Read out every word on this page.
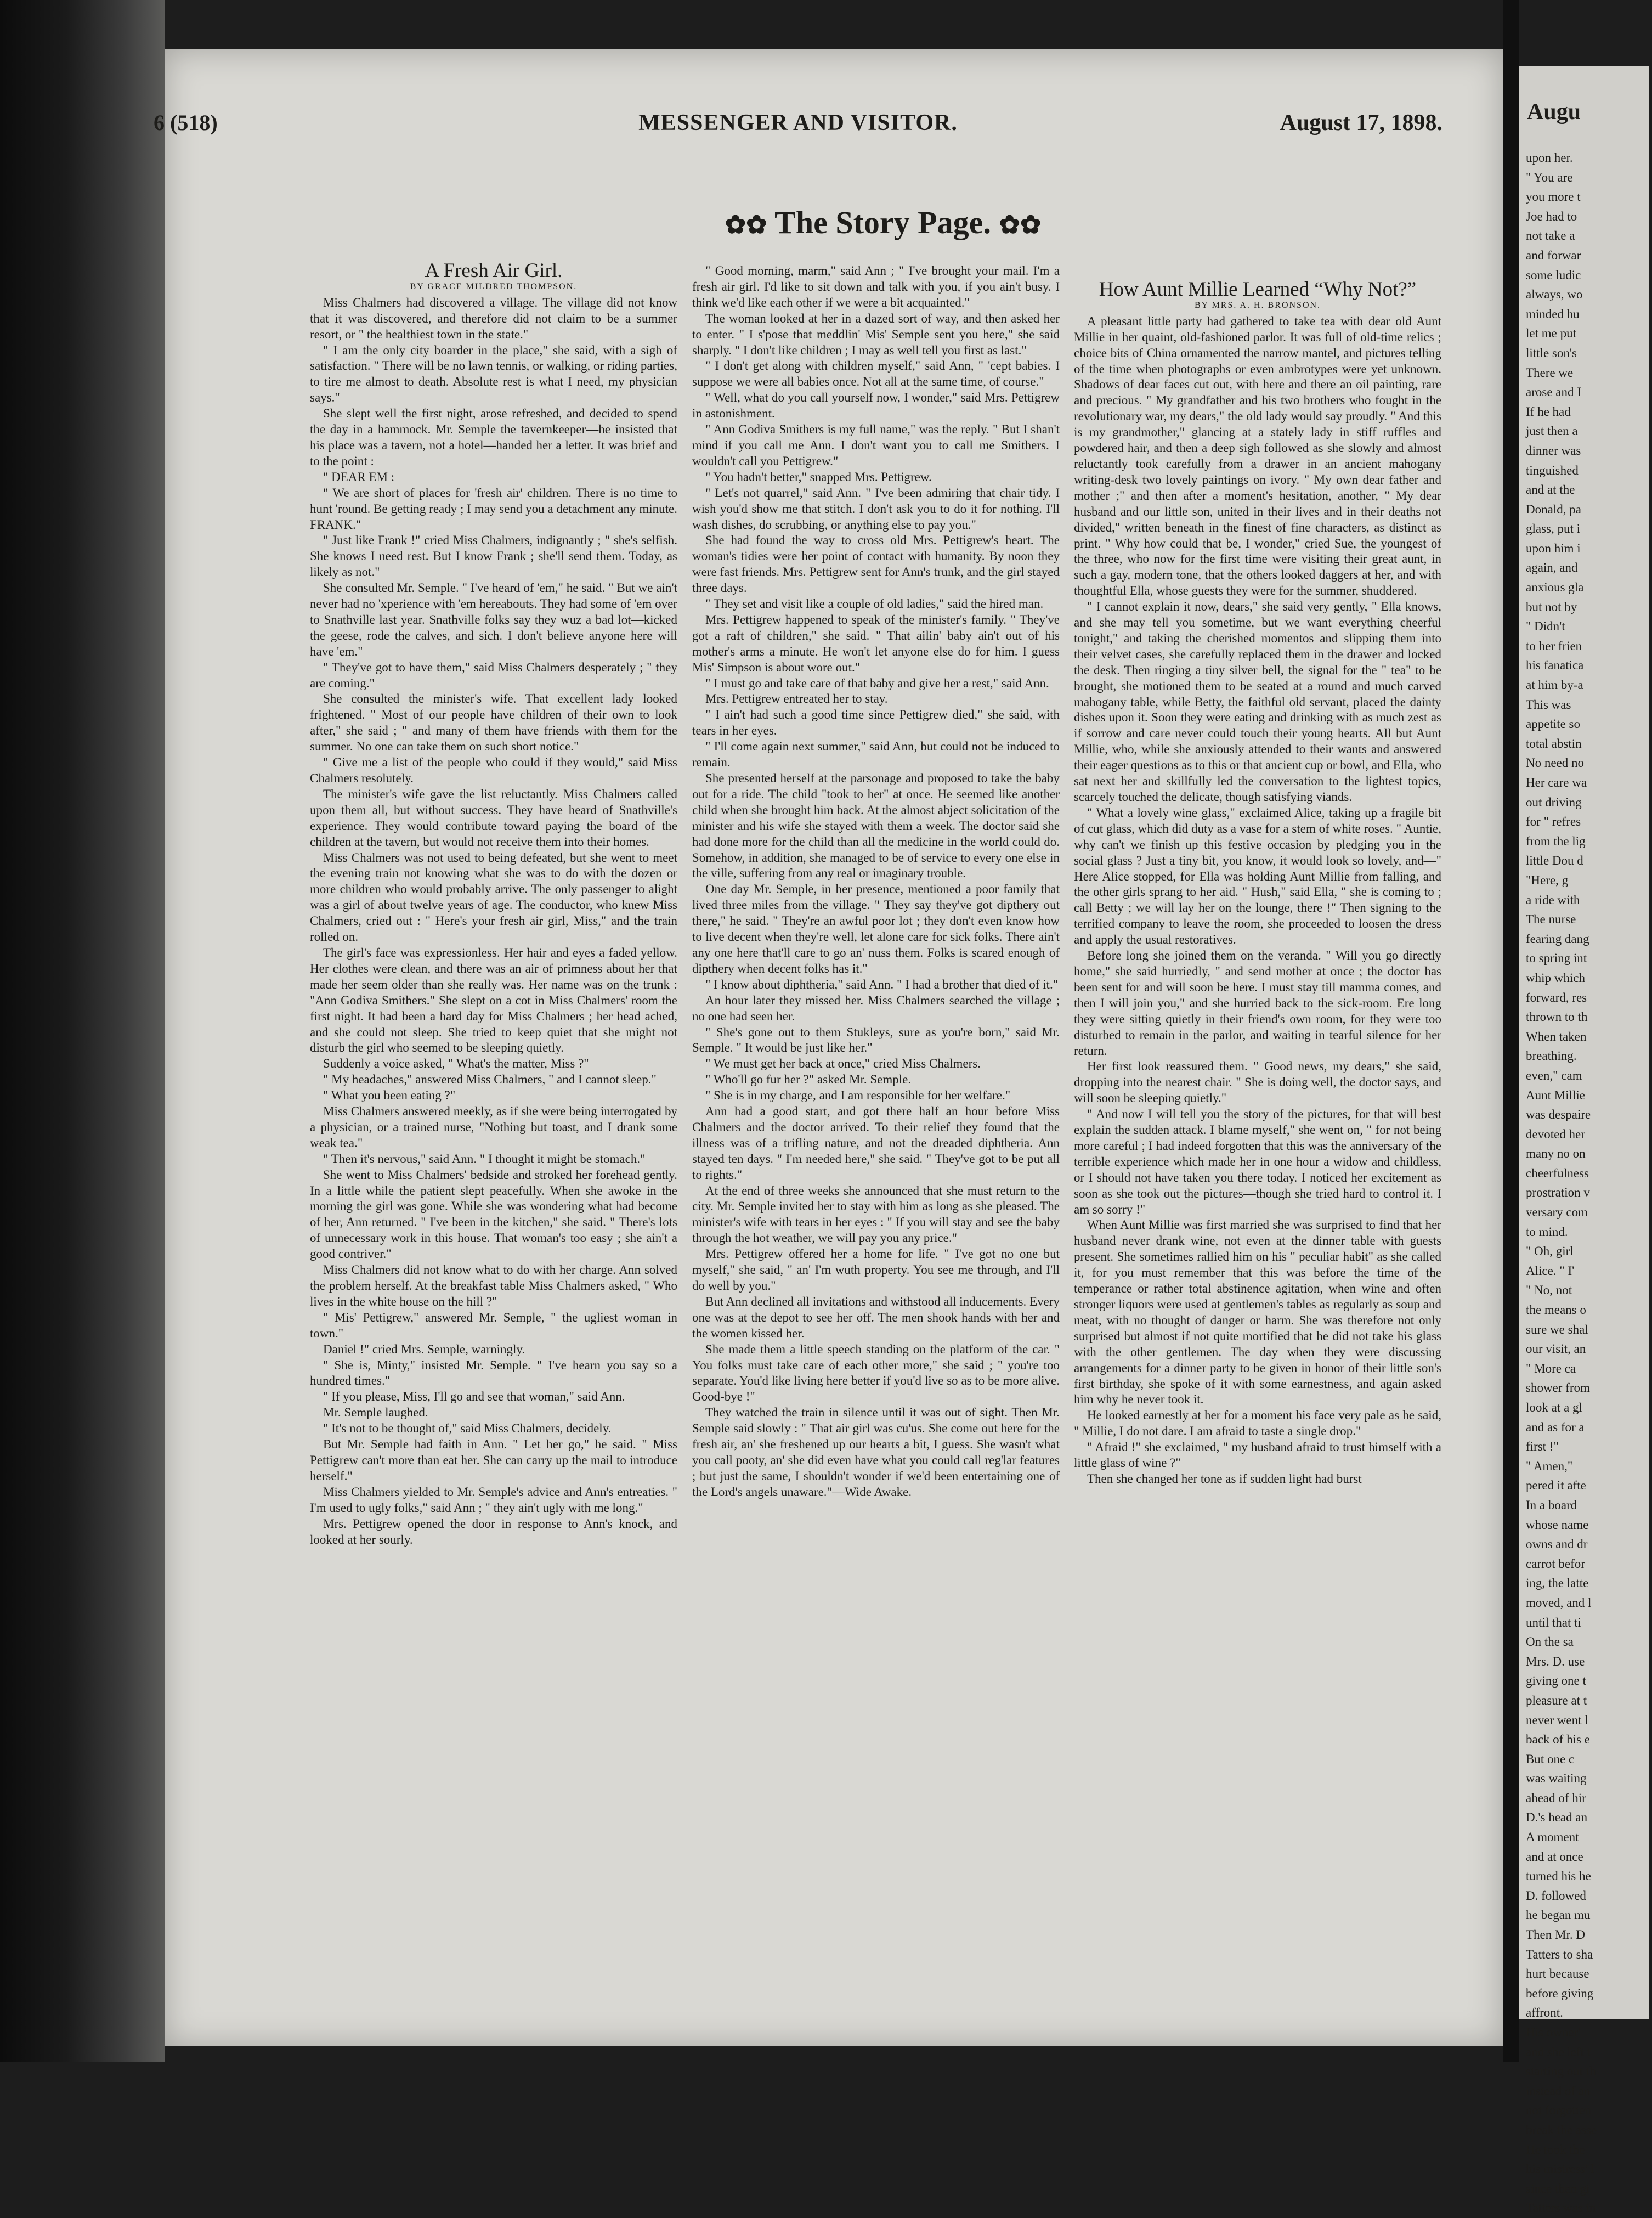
6 (518)	MESSENGER AND VISITOR.	August 17, 1898.
✿✿ The Story Page. ✿✿

A Fresh Air Girl.

BY GRACE MILDRED THOMPSON.

Miss Chalmers had discovered a village. The village did not know that it was discovered, and therefore did not claim to be a summer resort, or " the healthiest town in the state."

" I am the only city boarder in the place," she said, with a sigh of satisfaction. " There will be no lawn tennis, or walking, or riding parties, to tire me almost to death. Absolute rest is what I need, my physician says."

She slept well the first night, arose refreshed, and decided to spend the day in a hammock. Mr. Semple the tavernkeeper—he insisted that his place was a tavern, not a hotel—handed her a letter. It was brief and to the point :

" DEAR EM :

" We are short of places for 'fresh air' children. There is no time to hunt 'round. Be getting ready ; I may send you a detachment any minute. FRANK."

" Just like Frank !" cried Miss Chalmers, indignantly ; " she's selfish. She knows I need rest. But I know Frank ; she'll send them. Today, as likely as not."

She consulted Mr. Semple. " I've heard of 'em," he said. " But we ain't never had no 'xperience with 'em hereabouts. They had some of 'em over to Snathville last year. Snathville folks say they wuz a bad lot—kicked the geese, rode the calves, and sich. I don't believe anyone here will have 'em."

" They've got to have them," said Miss Chalmers desperately ; " they are coming."

She consulted the minister's wife. That excellent lady looked frightened. " Most of our people have children of their own to look after," she said ; " and many of them have friends with them for the summer. No one can take them on such short notice."

" Give me a list of the people who could if they would," said Miss Chalmers resolutely.

The minister's wife gave the list reluctantly. Miss Chalmers called upon them all, but without success. They have heard of Snathville's experience. They would contribute toward paying the board of the children at the tavern, but would not receive them into their homes.

Miss Chalmers was not used to being defeated, but she went to meet the evening train not knowing what she was to do with the dozen or more children who would probably arrive. The only passenger to alight was a girl of about twelve years of age. The conductor, who knew Miss Chalmers, cried out : " Here's your fresh air girl, Miss," and the train rolled on.

The girl's face was expressionless. Her hair and eyes a faded yellow. Her clothes were clean, and there was an air of primness about her that made her seem older than she really was. Her name was on the trunk : "Ann Godiva Smithers." She slept on a cot in Miss Chalmers' room the first night. It had been a hard day for Miss Chalmers ; her head ached, and she could not sleep. She tried to keep quiet that she might not disturb the girl who seemed to be sleeping quietly.

Suddenly a voice asked, " What's the matter, Miss ?"

" My headaches," answered Miss Chalmers, " and I cannot sleep."

" What you been eating ?"

Miss Chalmers answered meekly, as if she were being interrogated by a physician, or a trained nurse, "Nothing but toast, and I drank some weak tea."

" Then it's nervous," said Ann. " I thought it might be stomach."

She went to Miss Chalmers' bedside and stroked her forehead gently. In a little while the patient slept peacefully. When she awoke in the morning the girl was gone. While she was wondering what had become of her, Ann returned. " I've been in the kitchen," she said. " There's lots of unnecessary work in this house. That woman's too easy ; she ain't a good contriver."

Miss Chalmers did not know what to do with her charge. Ann solved the problem herself. At the breakfast table Miss Chalmers asked, " Who lives in the white house on the hill ?"

" Mis' Pettigrew," answered Mr. Semple, " the ugliest woman in town."

Daniel !" cried Mrs. Semple, warningly.

" She is, Minty," insisted Mr. Semple. " I've hearn you say so a hundred times."

" If you please, Miss, I'll go and see that woman," said Ann.

Mr. Semple laughed.

" It's not to be thought of," said Miss Chalmers, decidely.

But Mr. Semple had faith in Ann. " Let her go," he said. " Miss Pettigrew can't more than eat her. She can carry up the mail to introduce herself."

Miss Chalmers yielded to Mr. Semple's advice and Ann's entreaties. " I'm used to ugly folks," said Ann ; " they ain't ugly with me long."

Mrs. Pettigrew opened the door in response to Ann's knock, and looked at her sourly.

" Good morning, marm," said Ann ; " I've brought your mail. I'm a fresh air girl. I'd like to sit down and talk with you, if you ain't busy. I think we'd like each other if we were a bit acquainted."

The woman looked at her in a dazed sort of way, and then asked her to enter. " I s'pose that meddlin' Mis' Semple sent you here," she said sharply. " I don't like children ; I may as well tell you first as last."

" I don't get along with children myself," said Ann, " 'cept babies. I suppose we were all babies once. Not all at the same time, of course."

" Well, what do you call yourself now, I wonder," said Mrs. Pettigrew in astonishment.

" Ann Godiva Smithers is my full name," was the reply. " But I shan't mind if you call me Ann. I don't want you to call me Smithers. I wouldn't call you Pettigrew."

" You hadn't better," snapped Mrs. Pettigrew.

" Let's not quarrel," said Ann. " I've been admiring that chair tidy. I wish you'd show me that stitch. I don't ask you to do it for nothing. I'll wash dishes, do scrubbing, or anything else to pay you."

She had found the way to cross old Mrs. Pettigrew's heart. The woman's tidies were her point of contact with humanity. By noon they were fast friends. Mrs. Pettigrew sent for Ann's trunk, and the girl stayed three days.

" They set and visit like a couple of old ladies," said the hired man.

Mrs. Pettigrew happened to speak of the minister's family. " They've got a raft of children," she said. " That ailin' baby ain't out of his mother's arms a minute. He won't let anyone else do for him. I guess Mis' Simpson is about wore out."

" I must go and take care of that baby and give her a rest," said Ann.

Mrs. Pettigrew entreated her to stay.

" I ain't had such a good time since Pettigrew died," she said, with tears in her eyes.

" I'll come again next summer," said Ann, but could not be induced to remain.

She presented herself at the parsonage and proposed to take the baby out for a ride. The child "took to her" at once. He seemed like another child when she brought him back. At the almost abject solicitation of the minister and his wife she stayed with them a week. The doctor said she had done more for the child than all the medicine in the world could do. Somehow, in addition, she managed to be of service to every one else in the ville, suffering from any real or imaginary trouble.

One day Mr. Semple, in her presence, mentioned a poor family that lived three miles from the village. " They say they've got dipthery out there," he said. " They're an awful poor lot ; they don't even know how to live decent when they're well, let alone care for sick folks. There ain't any one here that'll care to go an' nuss them. Folks is scared enough of dipthery when decent folks has it."

" I know about diphtheria," said Ann. " I had a brother that died of it."

An hour later they missed her. Miss Chalmers searched the village ; no one had seen her.

" She's gone out to them Stukleys, sure as you're born," said Mr. Semple. " It would be just like her."

" We must get her back at once," cried Miss Chalmers.

" Who'll go fur her ?" asked Mr. Semple.

" She is in my charge, and I am responsible for her welfare."

Ann had a good start, and got there half an hour before Miss Chalmers and the doctor arrived. To their relief they found that the illness was of a trifling nature, and not the dreaded diphtheria. Ann stayed ten days. " I'm needed here," she said. " They've got to be put all to rights."

At the end of three weeks she announced that she must return to the city. Mr. Semple invited her to stay with him as long as she pleased. The minister's wife with tears in her eyes : " If you will stay and see the baby through the hot weather, we will pay you any price."

Mrs. Pettigrew offered her a home for life. " I've got no one but myself," she said, " an' I'm wuth property. You see me through, and I'll do well by you."

But Ann declined all invitations and withstood all inducements. Every one was at the depot to see her off. The men shook hands with her and the women kissed her.

She made them a little speech standing on the platform of the car. " You folks must take care of each other more," she said ; " you're too separate. You'd like living here better if you'd live so as to be more alive. Good-bye !"

They watched the train in silence until it was out of sight. Then Mr. Semple said slowly : " That air girl was cu'us. She come out here for the fresh air, an' she freshened up our hearts a bit, I guess. She wasn't what you call pooty, an' she did even have what you could call reg'lar features ; but just the same, I shouldn't wonder if we'd been entertaining one of the Lord's angels unaware."—Wide Awake.

How Aunt Millie Learned “Why Not?”

BY MRS. A. H. BRONSON.

A pleasant little party had gathered to take tea with dear old Aunt Millie in her quaint, old-fashioned parlor. It was full of old-time relics ; choice bits of China ornamented the narrow mantel, and pictures telling of the time when photographs or even ambrotypes were yet unknown. Shadows of dear faces cut out, with here and there an oil painting, rare and precious. " My grandfather and his two brothers who fought in the revolutionary war, my dears," the old lady would say proudly. " And this is my grandmother," glancing at a stately lady in stiff ruffles and powdered hair, and then a deep sigh followed as she slowly and almost reluctantly took carefully from a drawer in an ancient mahogany writing-desk two lovely paintings on ivory. " My own dear father and mother ;" and then after a moment's hesitation, another, " My dear husband and our little son, united in their lives and in their deaths not divided," written beneath in the finest of fine characters, as distinct as print. " Why how could that be, I wonder," cried Sue, the youngest of the three, who now for the first time were visiting their great aunt, in such a gay, modern tone, that the others looked daggers at her, and with thoughtful Ella, whose guests they were for the summer, shuddered.

" I cannot explain it now, dears," she said very gently, " Ella knows, and she may tell you sometime, but we want everything cheerful tonight," and taking the cherished momentos and slipping them into their velvet cases, she carefully replaced them in the drawer and locked the desk. Then ringing a tiny silver bell, the signal for the " tea" to be brought, she motioned them to be seated at a round and much carved mahogany table, while Betty, the faithful old servant, placed the dainty dishes upon it. Soon they were eating and drinking with as much zest as if sorrow and care never could touch their young hearts. All but Aunt Millie, who, while she anxiously attended to their wants and answered their eager questions as to this or that ancient cup or bowl, and Ella, who sat next her and skillfully led the conversation to the lightest topics, scarcely touched the delicate, though satisfying viands.

" What a lovely wine glass," exclaimed Alice, taking up a fragile bit of cut glass, which did duty as a vase for a stem of white roses. " Auntie, why can't we finish up this festive occasion by pledging you in the social glass ? Just a tiny bit, you know, it would look so lovely, and—" Here Alice stopped, for Ella was holding Aunt Millie from falling, and the other girls sprang to her aid. " Hush," said Ella, " she is coming to ; call Betty ; we will lay her on the lounge, there !" Then signing to the terrified company to leave the room, she proceeded to loosen the dress and apply the usual restoratives.

Before long she joined them on the veranda. " Will you go directly home," she said hurriedly, " and send mother at once ; the doctor has been sent for and will soon be here. I must stay till mamma comes, and then I will join you," and she hurried back to the sick-room. Ere long they were sitting quietly in their friend's own room, for they were too disturbed to remain in the parlor, and waiting in tearful silence for her return.

Her first look reassured them. " Good news, my dears," she said, dropping into the nearest chair. " She is doing well, the doctor says, and will soon be sleeping quietly."

" And now I will tell you the story of the pictures, for that will best explain the sudden attack. I blame myself," she went on, " for not being more careful ; I had indeed forgotten that this was the anniversary of the terrible experience which made her in one hour a widow and childless, or I should not have taken you there today. I noticed her excitement as soon as she took out the pictures—though she tried hard to control it. I am so sorry !"

When Aunt Millie was first married she was surprised to find that her husband never drank wine, not even at the dinner table with guests present. She sometimes rallied him on his " peculiar habit" as she called it, for you must remember that this was before the time of the temperance or rather total abstinence agitation, when wine and often stronger liquors were used at gentlemen's tables as regularly as soup and meat, with no thought of danger or harm. She was therefore not only surprised but almost if not quite mortified that he did not take his glass with the other gentlemen. The day when they were discussing arrangements for a dinner party to be given in honor of their little son's first birthday, she spoke of it with some earnestness, and again asked him why he never took it.

He looked earnestly at her for a moment his face very pale as he said, " Millie, I do not dare. I am afraid to taste a single drop."

" Afraid !" she exclaimed, " my husband afraid to trust himself with a little glass of wine ?"

Then she changed her tone as if sudden light had burst

Augu
upon her.
" You are
you more t
Joe had to
not take a
and forwar
some ludic
always, wo
minded hu
let me put
little son's
There we
arose and I
If he had
just then a
dinner was
tinguished
and at the
Donald, pa
glass, put i
upon him i
again, and
anxious gla
but not by
" Didn't
to her frien
his fanatica
at him by-a
This was
appetite so
total abstin
No need no
Her care wa
out driving
for " refres
from the lig
little Dou d
"Here, g
a ride with
The nurse
fearing dang
to spring int
whip which
forward, res
thrown to th
When taken
breathing.
even," cam
Aunt Millie
was despaire
devoted her
many no on
cheerfulness
prostration v
versary com
to mind.
" Oh, girl
Alice. " I'
" No, not
the means o
sure we shal
our visit, an
" More ca
shower from
look at a gl
and as for a
first !"
" Amen,"
pered it afte
In a board
whose name
owns and dr
carrot befor
ing, the latte
moved, and l
until that ti
On the sa
Mrs. D. use
giving one t
pleasure at t
never went l
back of his e
But one c
was waiting
ahead of hir
D.'s head an
A moment
and at once
turned his he
D. followed
he began mu
Then Mr. D
Tatters to sha
hurt because
before giving
affront.
His owner'
and she left t
starting out th
instead of an
not forgotten
break the asse
He took the
his mistress' l
since then gi
Tatters was in
